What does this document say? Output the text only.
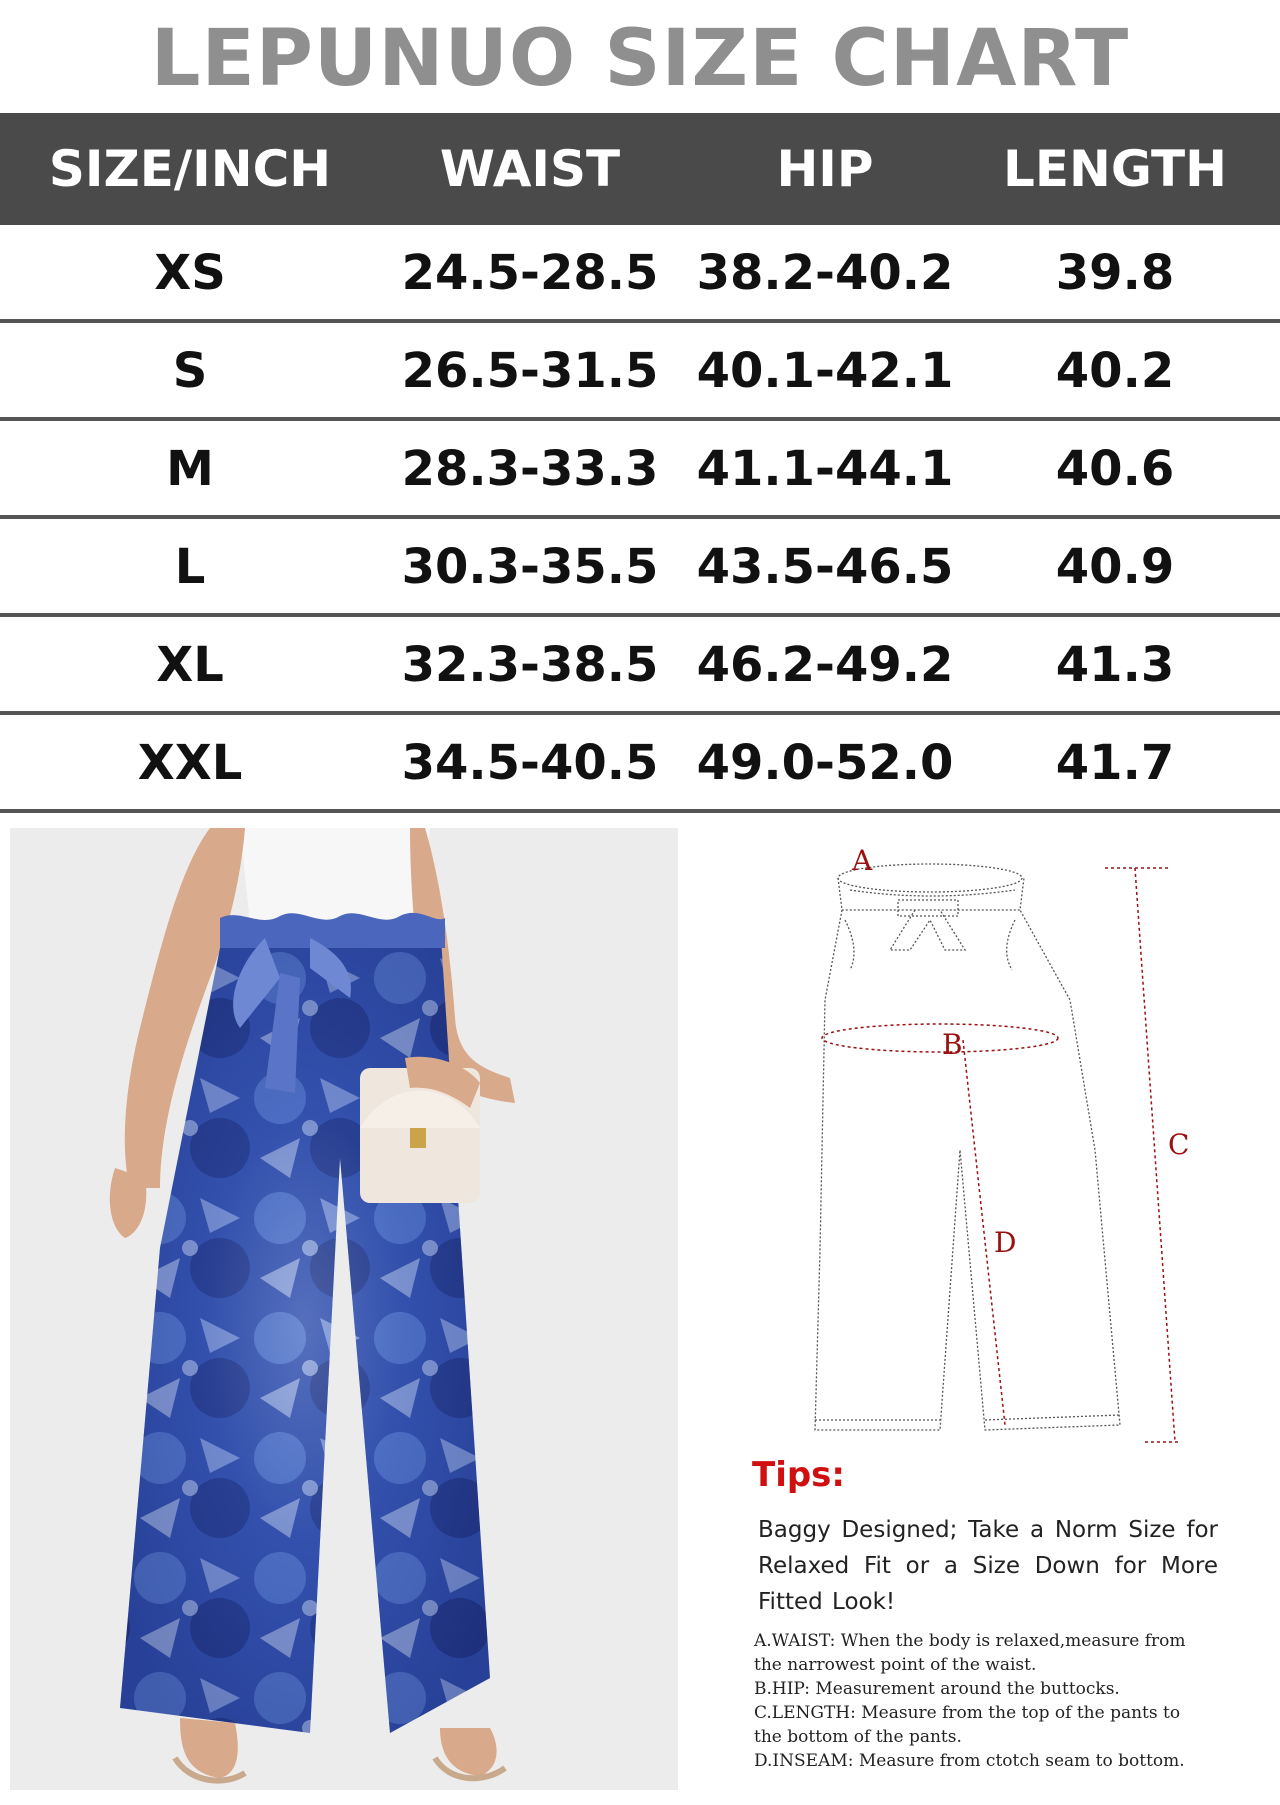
LEPUNUO SIZE CHART
SIZE/INCH	WAIST	HIP	LENGTH
XS	24.5-28.5 38.2-40.2	39.8
S	26.5-31.5 40.1-42.1	40.2
M	28.3-33.3 41.1-44.1	40.6
L	30.3-35.5 43.5-46.5	40.9
XL	32.3-38.5 46.2-49.2	41.3
XXL	34.5-40.5 49.0-52.0	41.7
A
B
C
D
Tips:
Baggy Designed; Take a Norm Size for Relaxed Fit or a Size Down for More Fitted Look!
A.WAIST: When the body is relaxed,measure from
the narrowest point of the waist.
B.HIP: Measurement around the buttocks.
C.LENGTH: Measure from the top of the pants to
the bottom of the pants.
D.INSEAM: Measure from ctotch seam to bottom.
